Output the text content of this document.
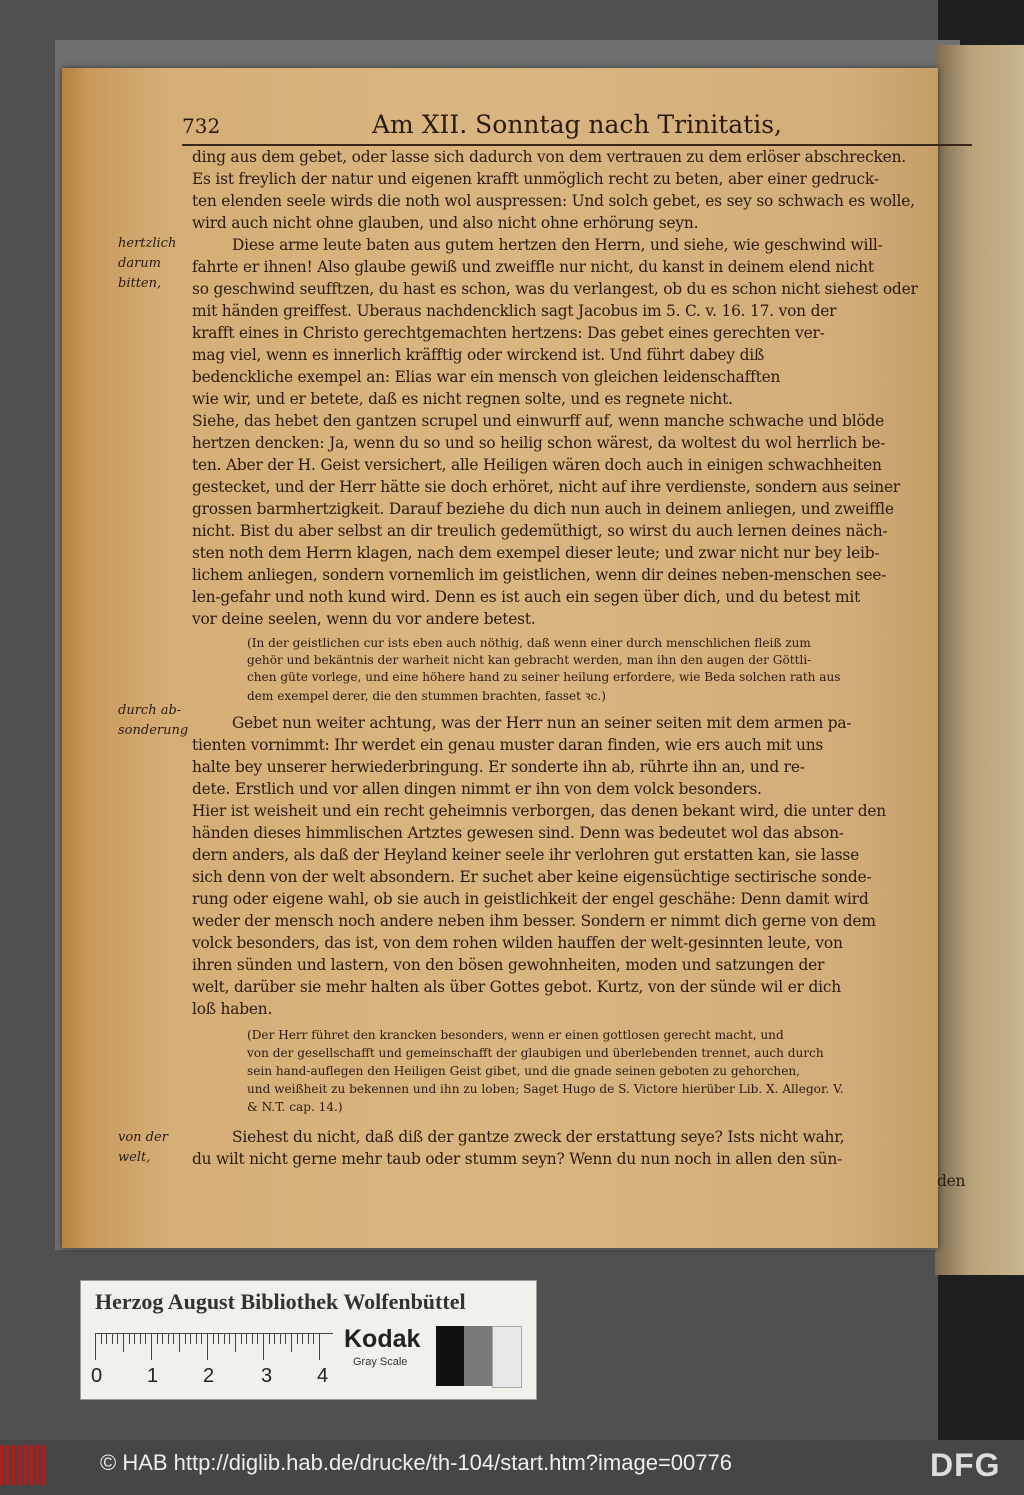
732	Am XII. Sonntag nach Trinitatis,
hertzlich darum bitten,
durch ab-sonderung
von der welt,
Diese arme leute baten aus gutem hertzen den Herrn, und siehe, wie geschwind will-
fahrte er ihnen! Also glaube gewiß und zweiffle nur nicht, du kanst in deinem elend nicht
so geschwind seufftzen, du hast es schon, was du verlangest, ob du es schon nicht siehest oder
mit händen greiffest. Uberaus nachdencklich sagt Jacobus im 5. C. v. 16. 17. von der
krafft eines in Christo gerechtgemachten hertzens: Das gebet eines gerechten ver-
mag viel, wenn es innerlich kräfftig oder wirckend ist. Und führt dabey diß
bedenckliche exempel an: Elias war ein mensch von gleichen leidenschafften
wie wir, und er betete, daß es nicht regnen solte, und es regnete nicht.
Siehe, das hebet den gantzen scrupel und einwurff auf, wenn manche schwache und blöde
hertzen dencken: Ja, wenn du so und so heilig schon wärest, da woltest du wol herrlich be-
ten. Aber der H. Geist versichert, alle Heiligen wären doch auch in einigen schwachheiten
gestecket, und der Herr hätte sie doch erhöret, nicht auf ihre verdienste, sondern aus seiner
grossen barmhertzigkeit. Darauf beziehe du dich nun auch in deinem anliegen, und zweiffle
nicht. Bist du aber selbst an dir treulich gedemüthigt, so wirst du auch lernen deines näch-
sten noth dem Herrn klagen, nach dem exempel dieser leute; und zwar nicht nur bey leib-
lichem anliegen, sondern vornemlich im geistlichen, wenn dir deines neben-menschen see-
len-gefahr und noth kund wird. Denn es ist auch ein segen über dich, und du betest mit
vor deine seelen, wenn du vor andere betest.
(In der geistlichen cur ists eben auch nöthig, daß wenn einer durch menschlichen fleiß zum
gehör und bekäntnis der warheit nicht kan gebracht werden, man ihn den augen der Göttli-
chen güte vorlege, und eine höhere hand zu seiner heilung erfordere, wie Beda solchen rath aus
dem exempel derer, die den stummen brachten, fasset ꝛc.)
Gebet nun weiter achtung, was der Herr nun an seiner seiten mit dem armen pa-
tienten vornimmt: Ihr werdet ein genau muster daran finden, wie ers auch mit uns
halte bey unserer herwiederbringung. Er sonderte ihn ab, rührte ihn an, und re-
dete. Erstlich und vor allen dingen nimmt er ihn von dem volck besonders.
Hier ist weisheit und ein recht geheimnis verborgen, das denen bekant wird, die unter den
händen dieses himmlischen Artztes gewesen sind. Denn was bedeutet wol das abson-
dern anders, als daß der Heyland keiner seele ihr verlohren gut erstatten kan, sie lasse
sich denn von der welt absondern. Er suchet aber keine eigensüchtige sectirische sonde-
rung oder eigene wahl, ob sie auch in geistlichkeit der engel geschähe: Denn damit wird
weder der mensch noch andere neben ihm besser. Sondern er nimmt dich gerne von dem
volck besonders, das ist, von dem rohen wilden hauffen der welt-gesinnten leute, von
ihren sünden und lastern, von den bösen gewohnheiten, moden und satzungen der
welt, darüber sie mehr halten als über Gottes gebot. Kurtz, von der sünde wil er dich
loß haben.
(Der Herr führet den krancken besonders, wenn er einen gottlosen gerecht macht, und
von der gesellschafft und gemeinschafft der glaubigen und überlebenden trennet, auch durch
sein hand-auflegen den Heiligen Geist gibet, und die gnade seinen geboten zu gehorchen,
und weißheit zu bekennen und ihn zu loben; Saget Hugo de S. Victore hierüber Lib. X. Allegor. V.
& N.T. cap. 14.)
Siehest du nicht, daß diß der gantze zweck der erstattung seye? Ists nicht wahr,
du wilt nicht gerne mehr taub oder stumm seyn? Wenn du nun noch in allen den sün-
den
ding aus dem gebet, oder lasse sich dadurch von dem vertrauen zu dem erlöser abschrecken.
Es ist freylich der natur und eigenen krafft unmöglich recht zu beten, aber einer gedruck-
ten elenden seele wirds die noth wol auspressen: Und solch gebet, es sey so schwach es wolle,
wird auch nicht ohne glauben, und also nicht ohne erhörung seyn.
Herzog August Bibliothek Wolfenbüttel
0 1 2 3 4
Kodak
Gray Scale
© HAB http://diglib.hab.de/drucke/th-104/start.htm?image=00776	DFG
